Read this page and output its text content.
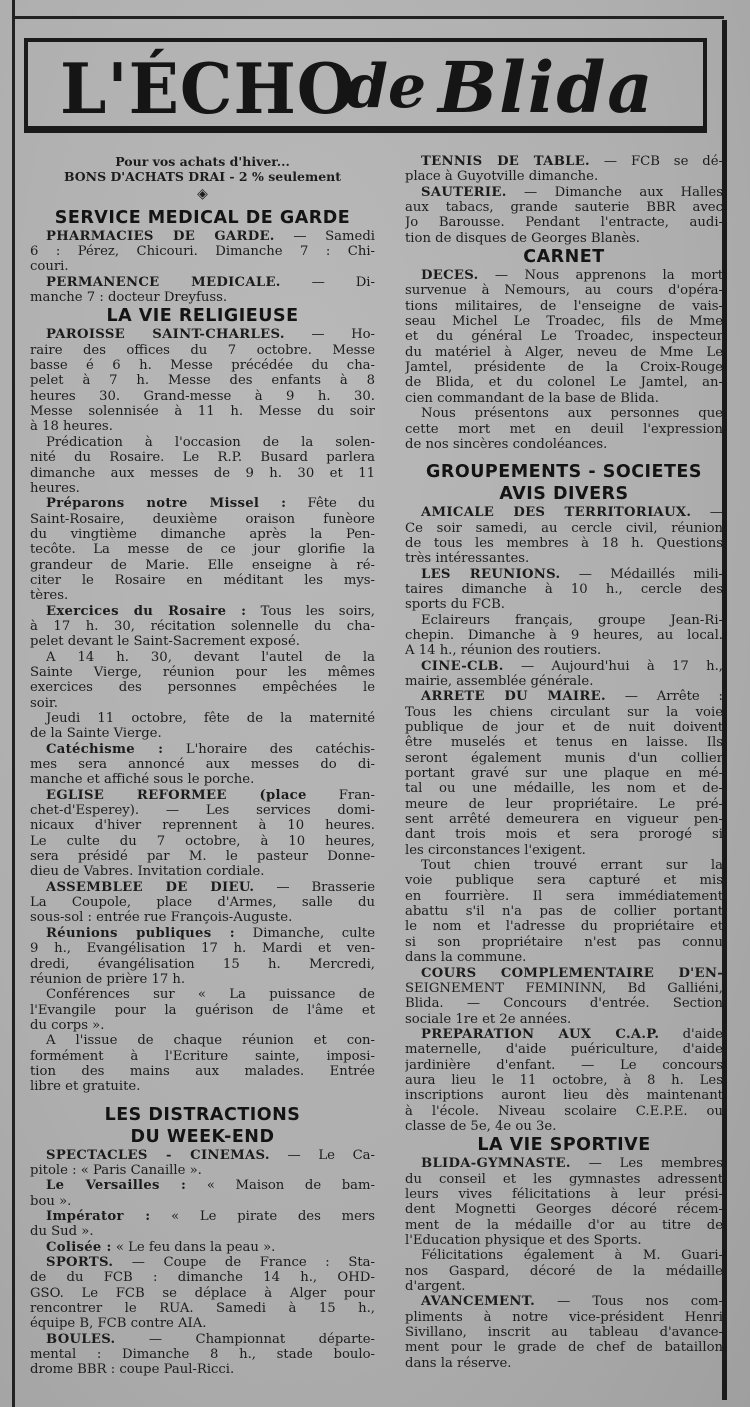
L'ÉCHO
de Blida
Pour vos achats d'hiver...
BONS D'ACHATS DRAI - 2 % seulement
◈
SERVICE MEDICAL DE GARDE
PHARMACIES DE GARDE. — Samedi
6 : Pérez, Chicouri. Dimanche 7 : Chi-
couri.
PERMANENCE MEDICALE. — Di-
manche 7 : docteur Dreyfuss.
LA VIE RELIGIEUSE
PAROISSE SAINT-CHARLES. — Ho-
raire des offices du 7 octobre. Messe
basse é 6 h. Messe précédée du cha-
pelet à 7 h. Messe des enfants à 8
heures 30. Grand-messe à 9 h. 30.
Messe solennisée à 11 h. Messe du soir
à 18 heures.
Prédication à l'occasion de la solen-
nité du Rosaire. Le R.P. Busard parlera
dimanche aux messes de 9 h. 30 et 11
heures.
Préparons notre Missel : Fête du
Saint-Rosaire, deuxième oraison funèore
du vingtième dimanche après la Pen-
tecôte. La messe de ce jour glorifie la
grandeur de Marie. Elle enseigne à ré-
citer le Rosaire en méditant les mys-
tères.
Exercices du Rosaire : Tous les soirs,
à 17 h. 30, récitation solennelle du cha-
pelet devant le Saint-Sacrement exposé.
A 14 h. 30, devant l'autel de la
Sainte Vierge, réunion pour les mêmes
exercices des personnes empêchées le
soir.
Jeudi 11 octobre, fête de la maternité
de la Sainte Vierge.
Catéchisme : L'horaire des catéchis-
mes sera annoncé aux messes do di-
manche et affiché sous le porche.
EGLISE REFORMEE (place Fran-
chet-d'Esperey). — Les services domi-
nicaux d'hiver reprennent à 10 heures.
Le culte du 7 octobre, à 10 heures,
sera présidé par M. le pasteur Donne-
dieu de Vabres. Invitation cordiale.
ASSEMBLEE DE DIEU. — Brasserie
La Coupole, place d'Armes, salle du
sous-sol : entrée rue François-Auguste.
Réunions publiques : Dimanche, culte
9 h., Evangélisation 17 h. Mardi et ven-
dredi, évangélisation 15 h. Mercredi,
réunion de prière 17 h.
Conférences sur « La puissance de
l'Evangile pour la guérison de l'âme et
du corps ».
A l'issue de chaque réunion et con-
formément à l'Ecriture sainte, imposi-
tion des mains aux malades. Entrée
libre et gratuite.
LES DISTRACTIONS
DU WEEK-END
SPECTACLES - CINEMAS. — Le Ca-
pitole : « Paris Canaille ».
Le Versailles : « Maison de bam-
bou ».
Impérator : « Le pirate des mers
du Sud ».
Colisée : « Le feu dans la peau ».
SPORTS. — Coupe de France : Sta-
de du FCB : dimanche 14 h., OHD-
GSO. Le FCB se déplace à Alger pour
rencontrer le RUA. Samedi à 15 h.,
équipe B, FCB contre AIA.
BOULES.	— Championnat départe-
mental : Dimanche 8 h., stade boulo-
drome BBR : coupe Paul-Ricci.
TENNIS DE TABLE. — FCB se dé-
place à Guyotville dimanche.
SAUTERIE. — Dimanche aux Halles
aux tabacs, grande sauterie BBR avec
Jo Barousse. Pendant l'entracte, audi-
tion de disques de Georges Blanès.
CARNET
DECES. — Nous apprenons la mort
survenue à Nemours, au cours d'opéra-
tions militaires, de l'enseigne de vais-
seau Michel Le Troadec, fils de Mme
et du général Le Troadec, inspecteur
du matériel à Alger, neveu de Mme Le
Jamtel, présidente de la Croix-Rouge
de Blida, et du colonel Le Jamtel, an-
cien commandant de la base de Blida.
Nous présentons aux personnes que
cette mort met en deuil l'expression
de nos sincères condoléances.
GROUPEMENTS - SOCIETES
AVIS DIVERS
AMICALE DES TERRITORIAUX. —
Ce soir samedi, au cercle civil, réunion
de tous les membres à 18 h. Questions
très intéressantes.
LES REUNIONS. — Médaillés mili-
taires dimanche à 10 h., cercle des
sports du FCB.
Eclaireurs français, groupe Jean-Ri-
chepin. Dimanche à 9 heures, au local.
A 14 h., réunion des routiers.
CINE-CLB. — Aujourd'hui à 17 h.,
mairie, assemblée générale.
ARRETE DU MAIRE. — Arrête :
Tous les chiens circulant sur la voie
publique de jour et de nuit doivent
être muselés et tenus en laisse. Ils
seront également munis d'un collier
portant gravé sur une plaque en mé-
tal ou une médaille, les nom et de-
meure de leur propriétaire. Le pré-
sent arrêté demeurera en vigueur pen-
dant trois mois et sera prorogé si
les circonstances l'exigent.
Tout chien trouvé errant sur la
voie publique sera capturé et mis
en fourrière. Il sera immédiatement
abattu s'il n'a pas de collier portant
le nom et l'adresse du propriétaire et
si son propriétaire n'est pas connu
dans la commune.
COURS COMPLEMENTAIRE D'EN-
SEIGNEMENT FEMININN, Bd Galliéni,
Blida. — Concours d'entrée. Section
sociale 1re et 2e années.
PREPARATION AUX C.A.P. d'aide
maternelle, d'aide puériculture, d'aide
jardinière d'enfant. — Le concours
aura lieu le 11 octobre, à 8 h. Les
inscriptions auront lieu dès maintenant
à l'école. Niveau scolaire C.E.P.E. ou
classe de 5e, 4e ou 3e.
LA VIE SPORTIVE
BLIDA-GYMNASTE. — Les membres
du conseil et les gymnastes adressent
leurs vives félicitations à leur prési-
dent Mognetti Georges décoré récem-
ment de la médaille d'or au titre de
l'Education physique et des Sports.
Félicitations également à M. Guari-
nos Gaspard, décoré de la médaille
d'argent.
AVANCEMENT. — Tous nos com-
pliments à notre vice-président Henri
Sivillano, inscrit au tableau d'avance-
ment pour le grade de chef de bataillon
dans la réserve.
